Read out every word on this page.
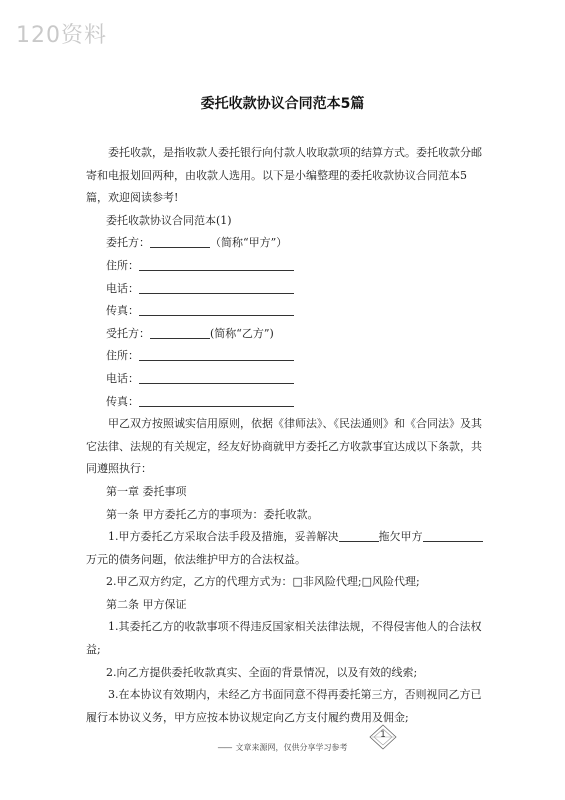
120资料
委托收款协议合同范本5篇

委托收款，是指收款人委托银行向付款人收取款项的结算方式。委托收款分邮寄和电报划回两种，由收款人选用。以下是小编整理的委托收款协议合同范本5篇，欢迎阅读参考!

委托收款协议合同范本(1)

委托方：	（简称“甲方”）
住所：
电话：
传真：
受托方：	(简称“乙方”)
住所：
电话：
传真：

甲乙双方按照诚实信用原则，依据《律师法》、《民法通则》和《合同法》及其它法律、法规的有关规定，经友好协商就甲方委托乙方收款事宜达成以下条款，共同遵照执行：

第一章 委托事项

第一条 甲方委托乙方的事项为：委托收款。

1.甲方委托乙方采取合法手段及措施，妥善解决	拖欠甲方万元的债务问题，依法维护甲方的合法权益。

2.甲乙双方约定，乙方的代理方式为：□非风险代理;□风险代理;

第二条 甲方保证

1.其委托乙方的收款事项不得违反国家相关法律法规，不得侵害他人的合法权益;

2.向乙方提供委托收款真实、全面的背景情况，以及有效的线索;

3.在本协议有效期内，未经乙方书面同意不得再委托第三方，否则视同乙方已履行本协议义务，甲方应按本协议规定向乙方支付履约费用及佣金;

1
—— 文章来源网，仅供分享学习参考
